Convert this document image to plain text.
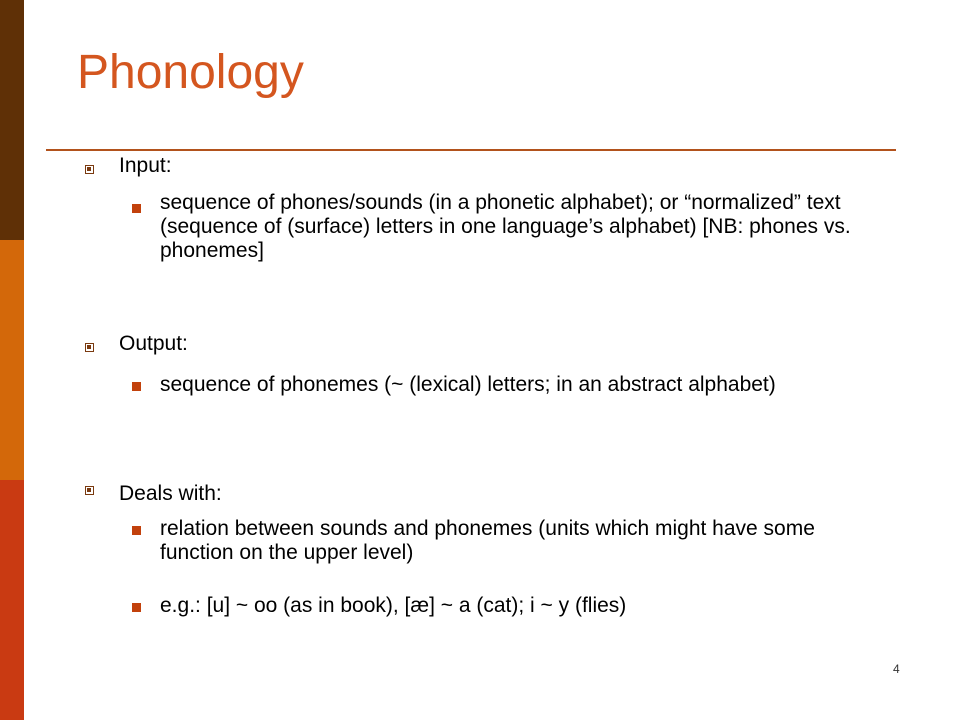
Phonology
Input:
sequence of phones/sounds (in a phonetic alphabet); or “normalized” text (sequence of (surface) letters in one language’s alphabet) [NB: phones vs. phonemes]
Output:
sequence of phonemes (~ (lexical) letters; in an abstract alphabet)
Deals with:
relation between sounds and phonemes (units which might have some function on the upper level)
e.g.: [u] ~ oo (as in book), [æ] ~ a (cat); i ~ y (flies)
4
